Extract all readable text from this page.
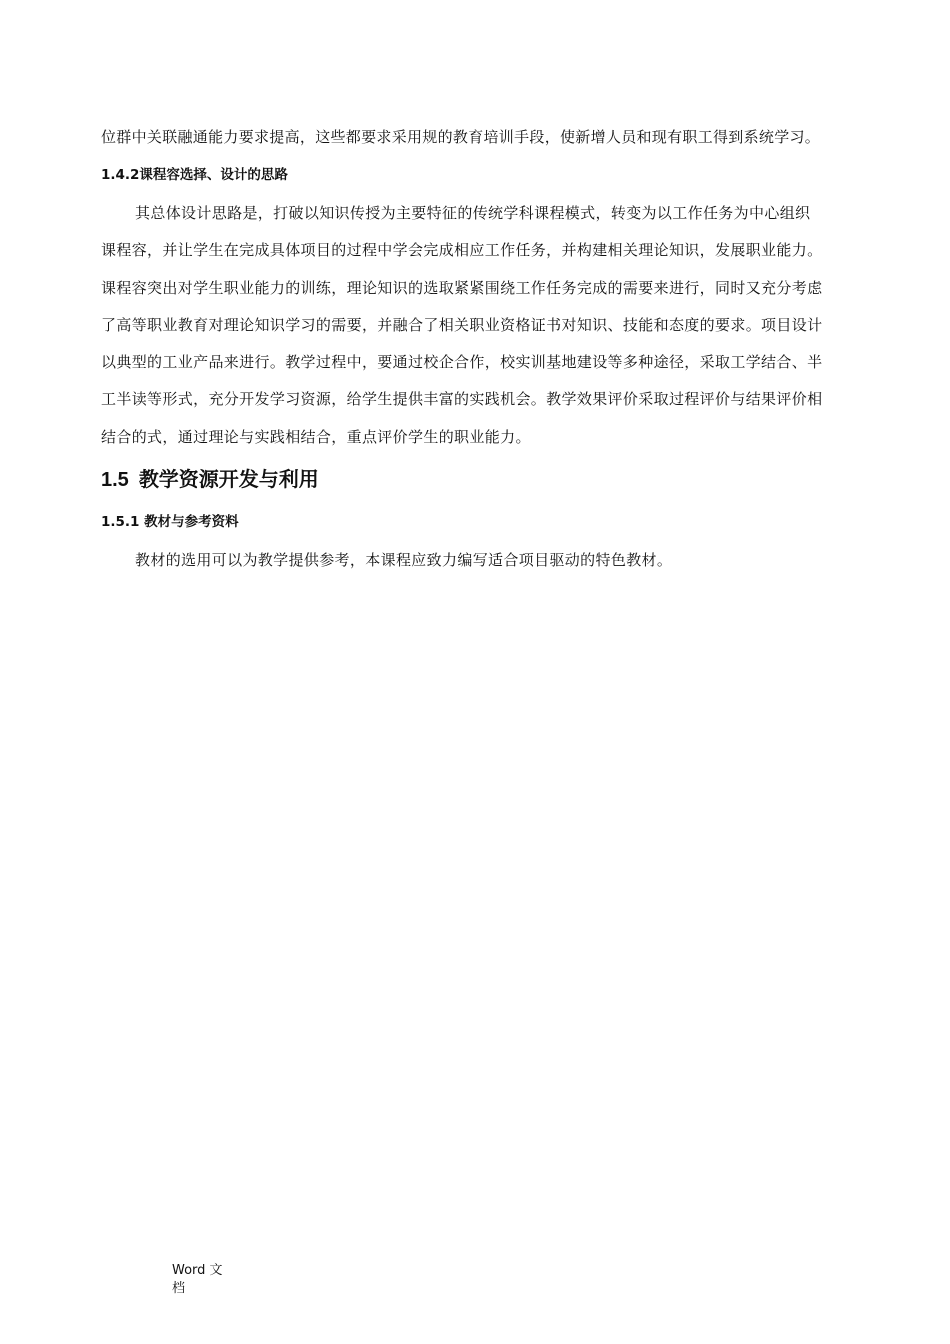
位群中关联融通能力要求提高，这些都要求采用规的教育培训手段，使新增人员和现有职工得到系统学习。
1.4.2课程容选择、设计的思路
其总体设计思路是，打破以知识传授为主要特征的传统学科课程模式，转变为以工作任务为中心组织
课程容，并让学生在完成具体项目的过程中学会完成相应工作任务，并构建相关理论知识，发展职业能力。
课程容突出对学生职业能力的训练，理论知识的选取紧紧围绕工作任务完成的需要来进行，同时又充分考虑
了高等职业教育对理论知识学习的需要，并融合了相关职业资格证书对知识、技能和态度的要求。项目设计
以典型的工业产品来进行。教学过程中，要通过校企合作，校实训基地建设等多种途径，采取工学结合、半
工半读等形式，充分开发学习资源，给学生提供丰富的实践机会。教学效果评价采取过程评价与结果评价相
结合的式，通过理论与实践相结合，重点评价学生的职业能力。
1.5 教学资源开发与利用
1.5.1 教材与参考资料
教材的选用可以为教学提供参考，本课程应致力编写适合项目驱动的特色教材。
Word 文
档
